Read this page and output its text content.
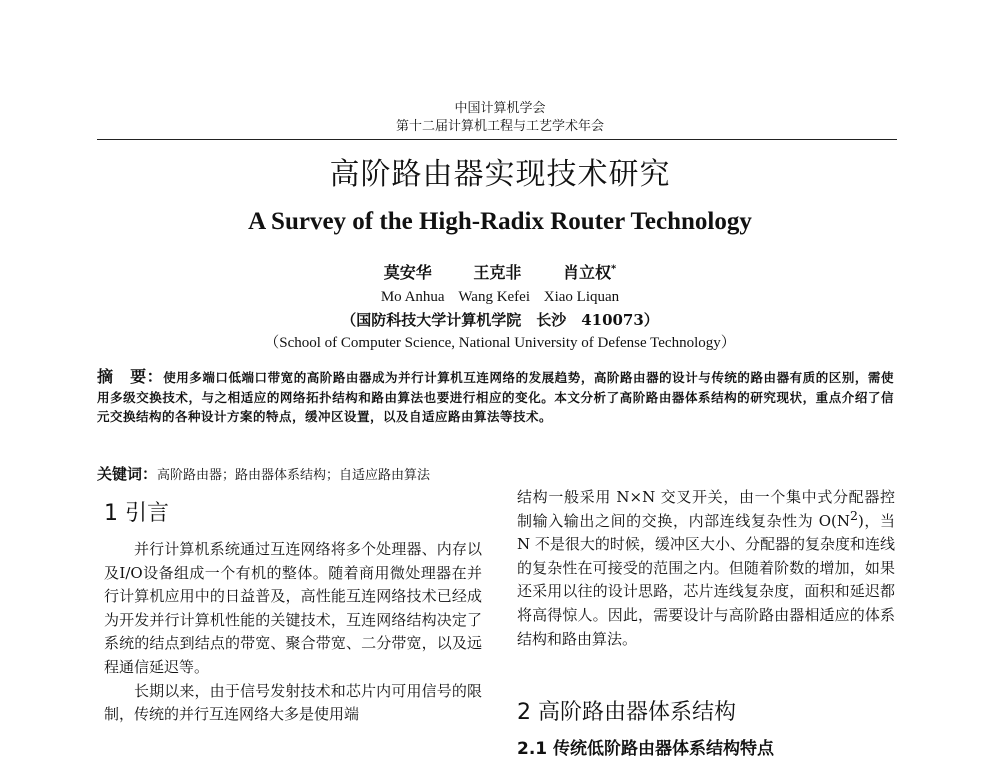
中国计算机学会
第十二届计算机工程与工艺学术年会
高阶路由器实现技术研究
A Survey of the High-Radix Router Technology
莫安华	王克非	肖立权*
Mo Anhua Wang Kefei Xiao Liquan
（国防科技大学计算机学院　长沙　410073）
（School of Computer Science, National University of Defense Technology）
摘　要：使用多端口低端口带宽的高阶路由器成为并行计算机互连网络的发展趋势，高阶路由器的设计与传统的路由器有质的区别，需使用多级交换技术，与之相适应的网络拓扑结构和路由算法也要进行相应的变化。本文分析了高阶路由器体系结构的研究现状，重点介绍了信元交换结构的各种设计方案的特点，缓冲区设置，以及自适应路由算法等技术。
关键词：高阶路由器；路由器体系结构；自适应路由算法
1 引言

并行计算机系统通过互连网络将多个处理器、内存以及I/O设备组成一个有机的整体。随着商用微处理器在并行计算机应用中的日益普及，高性能互连网络技术已经成为开发并行计算机性能的关键技术，互连网络结构决定了系统的结点到结点的带宽、聚合带宽、二分带宽，以及远程通信延迟等。

长期以来，由于信号发射技术和芯片内可用信号的限制，传统的并行互连网络大多是使用端

结构一般采用 N×N 交叉开关，由一个集中式分配器控制输入输出之间的交换，内部连线复杂性为 $O(N^2)$，当 N 不是很大的时候，缓冲区大小、分配器的复杂度和连线的复杂性在可接受的范围之内。但随着阶数的增加，如果还采用以往的设计思路，芯片连线复杂度，面积和延迟都将高得惊人。因此，需要设计与高阶路由器相适应的体系结构和路由算法。

2 高阶路由器体系结构
2.1 传统低阶路由器体系结构特点
